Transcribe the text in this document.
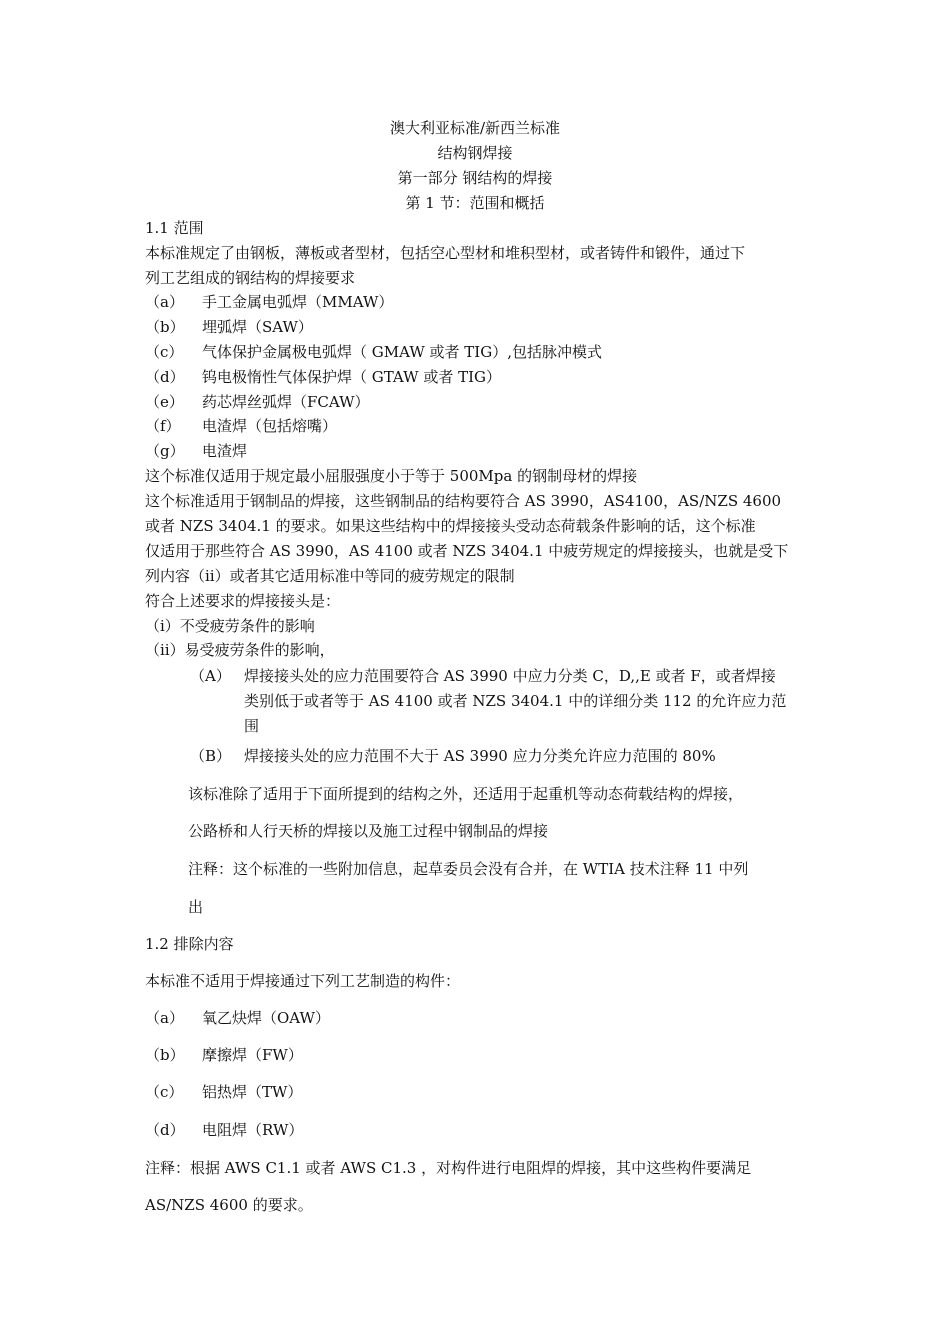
澳大利亚标准/新西兰标准
结构钢焊接
第一部分 钢结构的焊接
第 1 节：范围和概括
1.1 范围
本标准规定了由钢板，薄板或者型材，包括空心型材和堆积型材，或者铸件和锻件，通过下
列工艺组成的钢结构的焊接要求
（a） 手工金属电弧焊（MMAW）
（b） 埋弧焊（SAW）
（c） 气体保护金属极电弧焊（ GMAW 或者 TIG）,包括脉冲模式
（d） 钨电极惰性气体保护焊（ GTAW 或者 TIG）
（e） 药芯焊丝弧焊（FCAW）
（f） 电渣焊（包括熔嘴）
（g） 电渣焊
这个标准仅适用于规定最小屈服强度小于等于 500Mpa 的钢制母材的焊接
这个标准适用于钢制品的焊接，这些钢制品的结构要符合 AS 3990，AS4100，AS/NZS 4600
或者 NZS 3404.1 的要求。如果这些结构中的焊接接头受动态荷载条件影响的话，这个标准
仅适用于那些符合 AS 3990，AS 4100 或者 NZS 3404.1 中疲劳规定的焊接接头，也就是受下
列内容（ⅱ）或者其它适用标准中等同的疲劳规定的限制
符合上述要求的焊接接头是：
（ⅰ）不受疲劳条件的影响
（ⅱ）易受疲劳条件的影响，
（A） 焊接接头处的应力范围要符合 AS 3990 中应力分类 C，D,,E 或者 F，或者焊接
类别低于或者等于 AS 4100 或者 NZS 3404.1 中的详细分类 112 的允许应力范
围
（B） 焊接接头处的应力范围不大于 AS 3990 应力分类允许应力范围的 80%
该标准除了适用于下面所提到的结构之外，还适用于起重机等动态荷载结构的焊接，
公路桥和人行天桥的焊接以及施工过程中钢制品的焊接
注释：这个标准的一些附加信息，起草委员会没有合并，在 WTIA 技术注释 11 中列
出
1.2 排除内容
本标准不适用于焊接通过下列工艺制造的构件：
（a） 氧乙炔焊（OAW）
（b） 摩擦焊（FW）
（c） 铝热焊（TW）
（d） 电阻焊（RW）
注释：根据 AWS C1.1 或者 AWS C1.3 ，对构件进行电阻焊的焊接，其中这些构件要满足
AS/NZS 4600 的要求。
